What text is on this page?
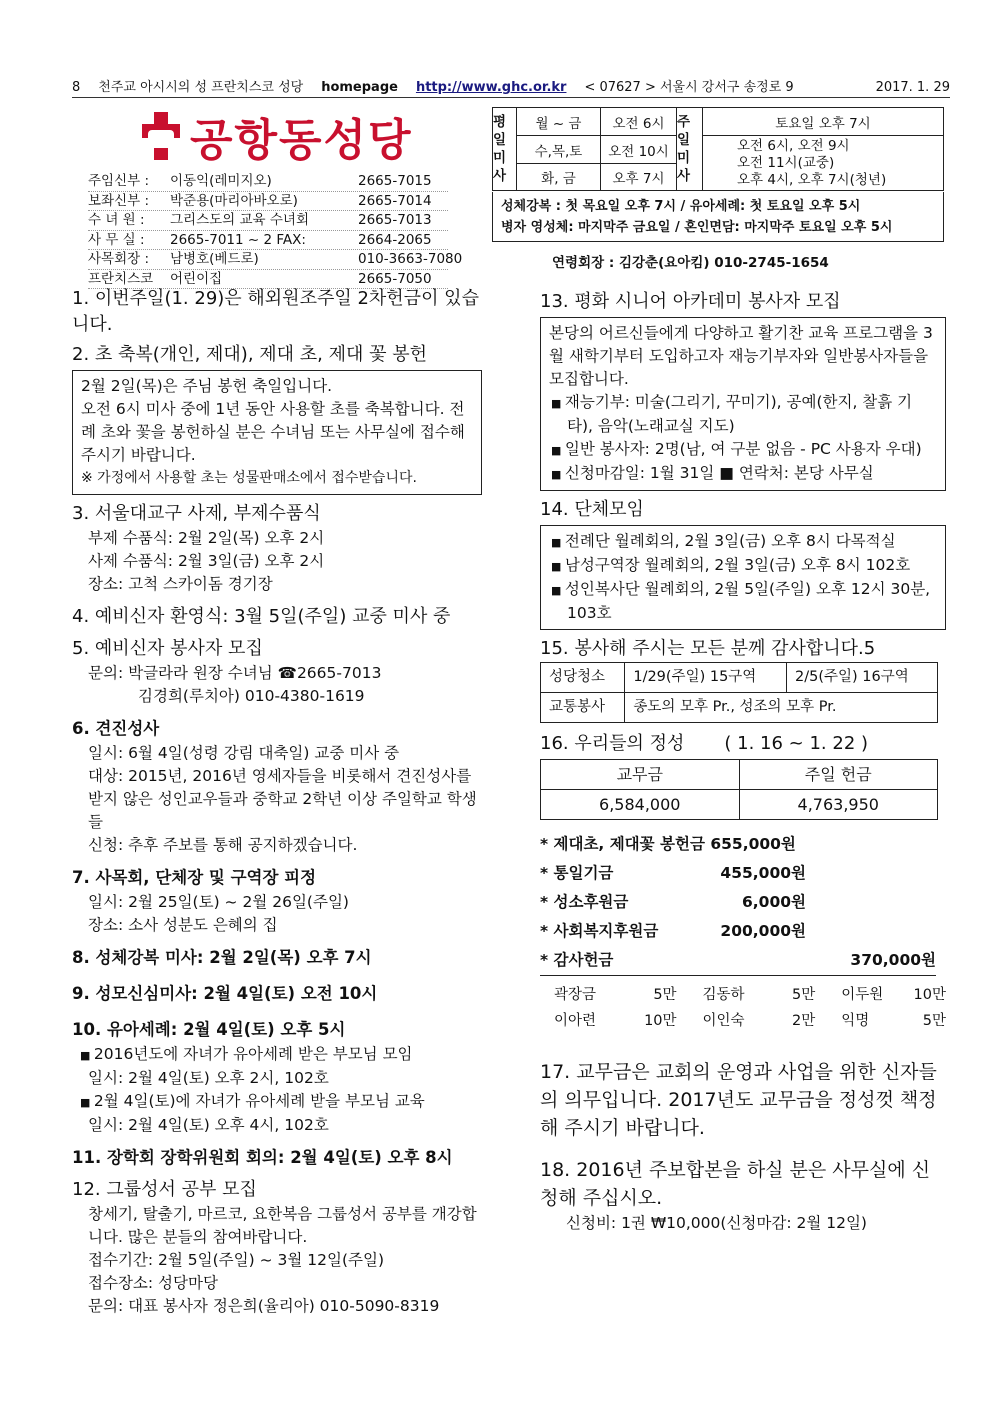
8 천주교 아시시의 성 프란치스코 성당 homepage http://www.ghc.or.kr < 07627 > 서울시 강서구 송정로 9	2017. 1. 29
공항동성당
주임신부 :	이동익(레미지오)	2665-7015
보좌신부 :	박준용(마리아바오로)	2665-7014
수 녀 원 :	그리스도의 교육 수녀회	2665-7013
사 무 실 :	2665-7011 ~ 2 FAX:	2664-2065
사목회장 :	남병호(베드로)	010-3663-7080
프란치스코	어린이집	2665-7050
평일미사
월 ~ 금	오전 6시
수,목,토	오전 10시
화, 금	오후 7시
주일미사
토요일 오후 7시
오전 6시, 오전 9시
오전 11시(교중)
오후 4시, 오후 7시(청년)
성체강복 : 첫 목요일 오후 7시 / 유아세례: 첫 토요일 오후 5시
병자 영성체: 마지막주 금요일 / 혼인면담: 마지막주 토요일 오후 5시
연령회장 : 김강춘(요아킴) 010-2745-1654
1. 이번주일(1. 29)은 해외원조주일 2차헌금이 있습니다.
2. 초 축복(개인, 제대), 제대 초, 제대 꽃 봉헌
2월 2일(목)은 주님 봉헌 축일입니다.
오전 6시 미사 중에 1년 동안 사용할 초를 축복합니다. 전례 초와 꽃을 봉헌하실 분은 수녀님 또는 사무실에 접수해 주시기 바랍니다.
※ 가정에서 사용할 초는 성물판매소에서 접수받습니다.
3. 서울대교구 사제, 부제수품식
부제 수품식: 2월 2일(목) 오후 2시
사제 수품식: 2월 3일(금) 오후 2시
장소: 고척 스카이돔 경기장
4. 예비신자 환영식: 3월 5일(주일) 교중 미사 중
5. 예비신자 봉사자 모집
문의: 박글라라 원장 수녀님 ☎2665-7013
김경희(루치아) 010-4380-1619
6. 견진성사
일시: 6월 4일(성령 강림 대축일) 교중 미사 중
대상: 2015년, 2016년 영세자들을 비롯해서 견진성사를 받지 않은 성인교우들과 중학교 2학년 이상 주일학교 학생들
신청: 추후 주보를 통해 공지하겠습니다.
7. 사목회, 단체장 및 구역장 피정
일시: 2월 25일(토) ~ 2월 26일(주일)
장소: 소사 성분도 은혜의 집
8. 성체강복 미사: 2월 2일(목) 오후 7시
9. 성모신심미사: 2월 4일(토) 오전 10시
10. 유아세례: 2월 4일(토) 오후 5시
■ 2016년도에 자녀가 유아세례 받은 부모님 모임
일시: 2월 4일(토) 오후 2시, 102호
■ 2월 4일(토)에 자녀가 유아세례 받을 부모님 교육
일시: 2월 4일(토) 오후 4시, 102호
11. 장학회 장학위원회 회의: 2월 4일(토) 오후 8시
12. 그룹성서 공부 모집
창세기, 탈출기, 마르코, 요한복음 그룹성서 공부를 개강합니다. 많은 분들의 참여바랍니다.
접수기간: 2월 5일(주일) ~ 3월 12일(주일)
접수장소: 성당마당
문의: 대표 봉사자 정은희(율리아) 010-5090-8319
13. 평화 시니어 아카데미 봉사자 모집
본당의 어르신들에게 다양하고 활기찬 교육 프로그램을 3월 새학기부터 도입하고자 재능기부자와 일반봉사자들을 모집합니다.
■ 재능기부: 미술(그리기, 꾸미기), 공예(한지, 찰흙 기타), 음악(노래교실 지도)
■ 일반 봉사자: 2명(남, 여 구분 없음 - PC 사용자 우대)
■ 신청마감일: 1월 31일 ■ 연락처: 본당 사무실
14. 단체모임
■ 전례단 월례회의, 2월 3일(금) 오후 8시 다목적실
■ 남성구역장 월례회의, 2월 3일(금) 오후 8시 102호
■ 성인복사단 월례회의, 2월 5일(주일) 오후 12시 30분, 103호
15. 봉사해 주시는 모든 분께 감사합니다.5
성당청소	1/29(주일) 15구역	2/5(주일) 16구역
교통봉사	종도의 모후 Pr., 성조의 모후 Pr.	
16. 우리들의 정성 ( 1. 16 ~ 1. 22 )
교무금	주일 헌금
6,584,000	4,763,950
* 제대초, 제대꽃 봉헌금 655,000원
* 통일기금	455,000원
* 성소후원금	6,000원
* 사회복지후원금	200,000원
* 감사헌금	370,000원
곽장금	5만	김동하	5만	이두원	10만
이아련	10만	이인숙	2만	익명	5만
17. 교무금은 교회의 운영과 사업을 위한 신자들의 의무입니다. 2017년도 교무금을 정성껏 책정해 주시기 바랍니다.
18. 2016년 주보합본을 하실 분은 사무실에 신청해 주십시오.
신청비: 1권 ₩10,000(신청마감: 2월 12일)
